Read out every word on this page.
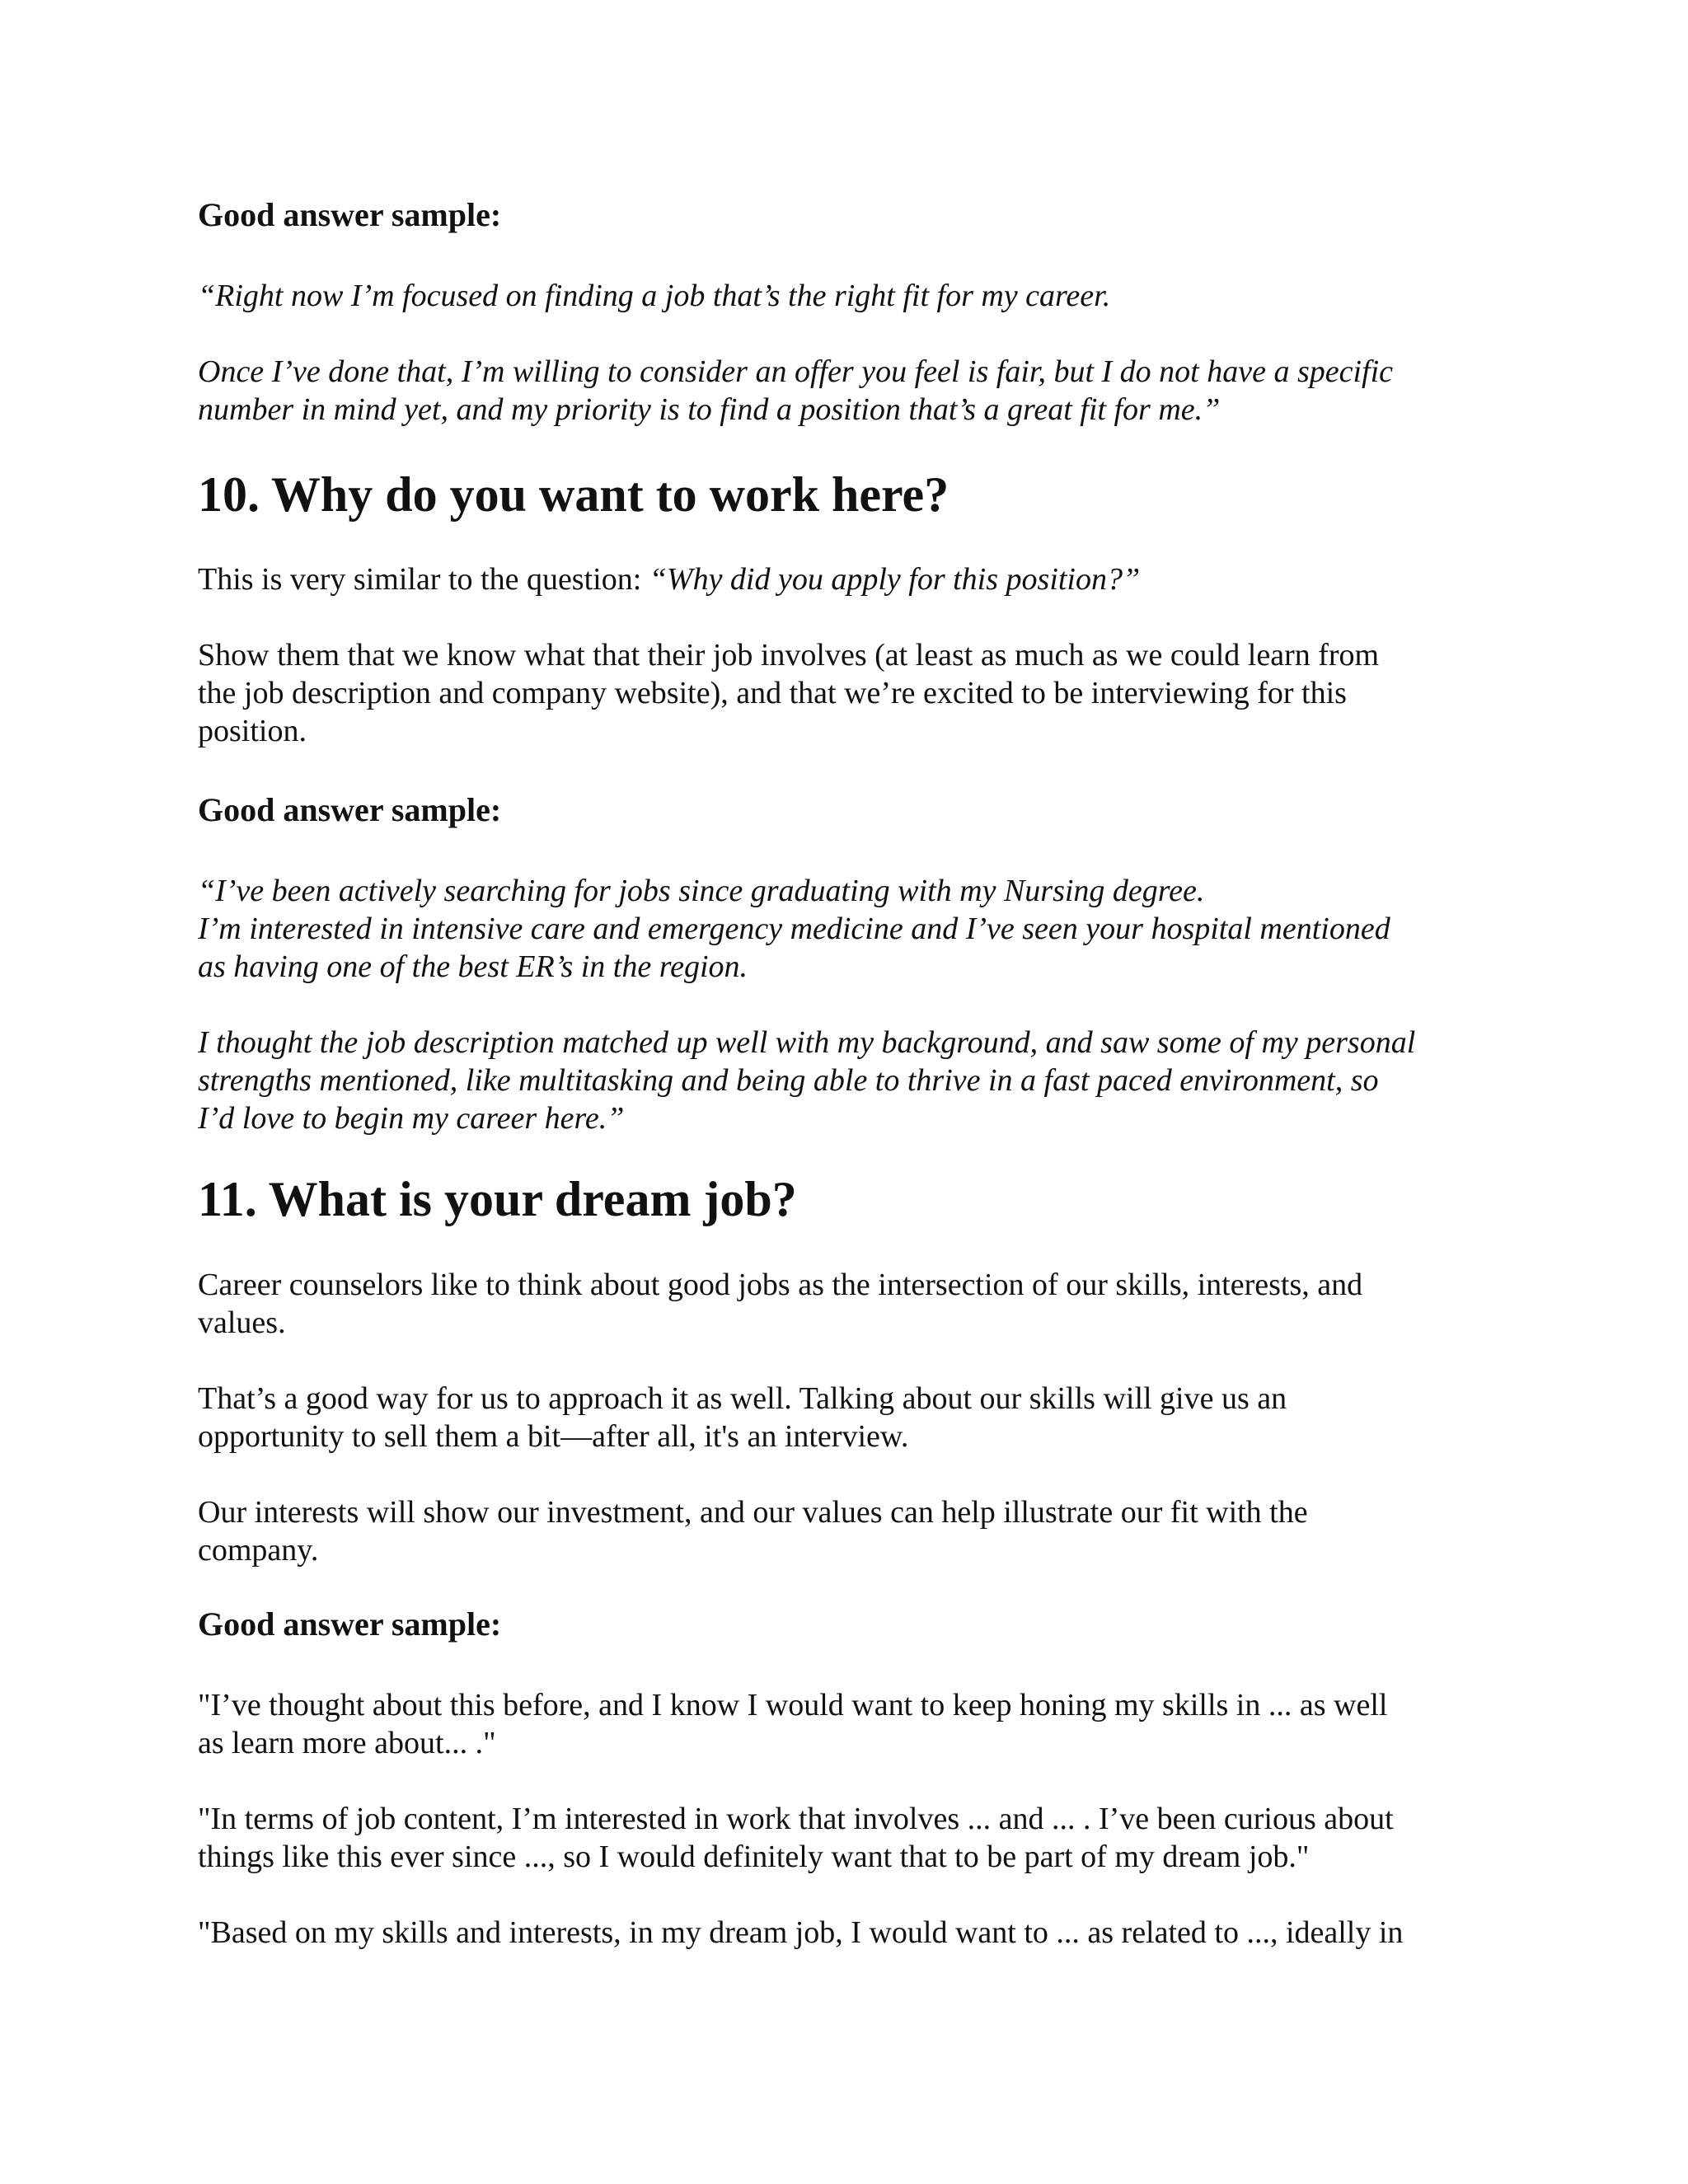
Good answer sample:
“Right now I’m focused on finding a job that’s the right fit for my career.
Once I’ve done that, I’m willing to consider an offer you feel is fair, but I do not have a specific
number in mind yet, and my priority is to find a position that’s a great fit for me.”
10. Why do you want to work here?
This is very similar to the question: “Why did you apply for this position?”
Show them that we know what that their job involves (at least as much as we could learn from
the job description and company website), and that we’re excited to be interviewing for this
position.
Good answer sample:
“I’ve been actively searching for jobs since graduating with my Nursing degree.
I’m interested in intensive care and emergency medicine and I’ve seen your hospital mentioned
as having one of the best ER’s in the region.
I thought the job description matched up well with my background, and saw some of my personal
strengths mentioned, like multitasking and being able to thrive in a fast paced environment, so
I’d love to begin my career here.”
11. What is your dream job?
Career counselors like to think about good jobs as the intersection of our skills, interests, and
values.
That’s a good way for us to approach it as well. Talking about our skills will give us an
opportunity to sell them a bit—after all, it's an interview.
Our interests will show our investment, and our values can help illustrate our fit with the
company.
Good answer sample:
"I’ve thought about this before, and I know I would want to keep honing my skills in ... as well
as learn more about... ."
"In terms of job content, I’m interested in work that involves ... and ... . I’ve been curious about
things like this ever since ..., so I would definitely want that to be part of my dream job."
"Based on my skills and interests, in my dream job, I would want to ... as related to ..., ideally in
